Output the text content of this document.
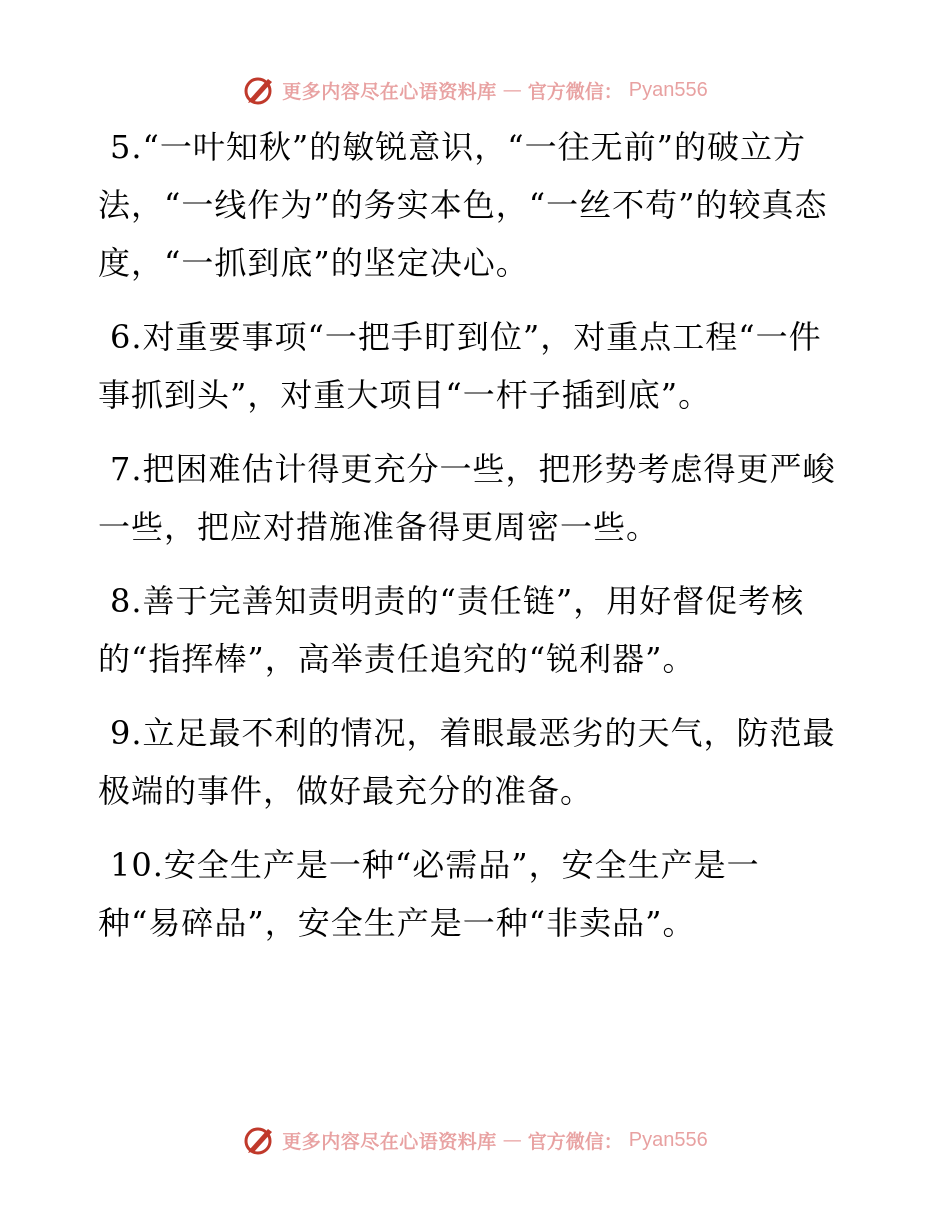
更多内容尽在心语资料库 — 官方微信： Pyan556

5.“一叶知秋”的敏锐意识，“一往无前”的破立方法，“一线作为”的务实本色，“一丝不苟”的较真态度，“一抓到底”的坚定决心。

6.对重要事项“一把手盯到位”，对重点工程“一件事抓到头”，对重大项目“一杆子插到底”。

7.把困难估计得更充分一些，把形势考虑得更严峻一些，把应对措施准备得更周密一些。

8.善于完善知责明责的“责任链”，用好督促考核的“指挥棒”，高举责任追究的“锐利器”。

9.立足最不利的情况，着眼最恶劣的天气，防范最极端的事件，做好最充分的准备。

10.安全生产是一种“必需品”，安全生产是一种“易碎品”，安全生产是一种“非卖品”。

更多内容尽在心语资料库 — 官方微信： Pyan556
